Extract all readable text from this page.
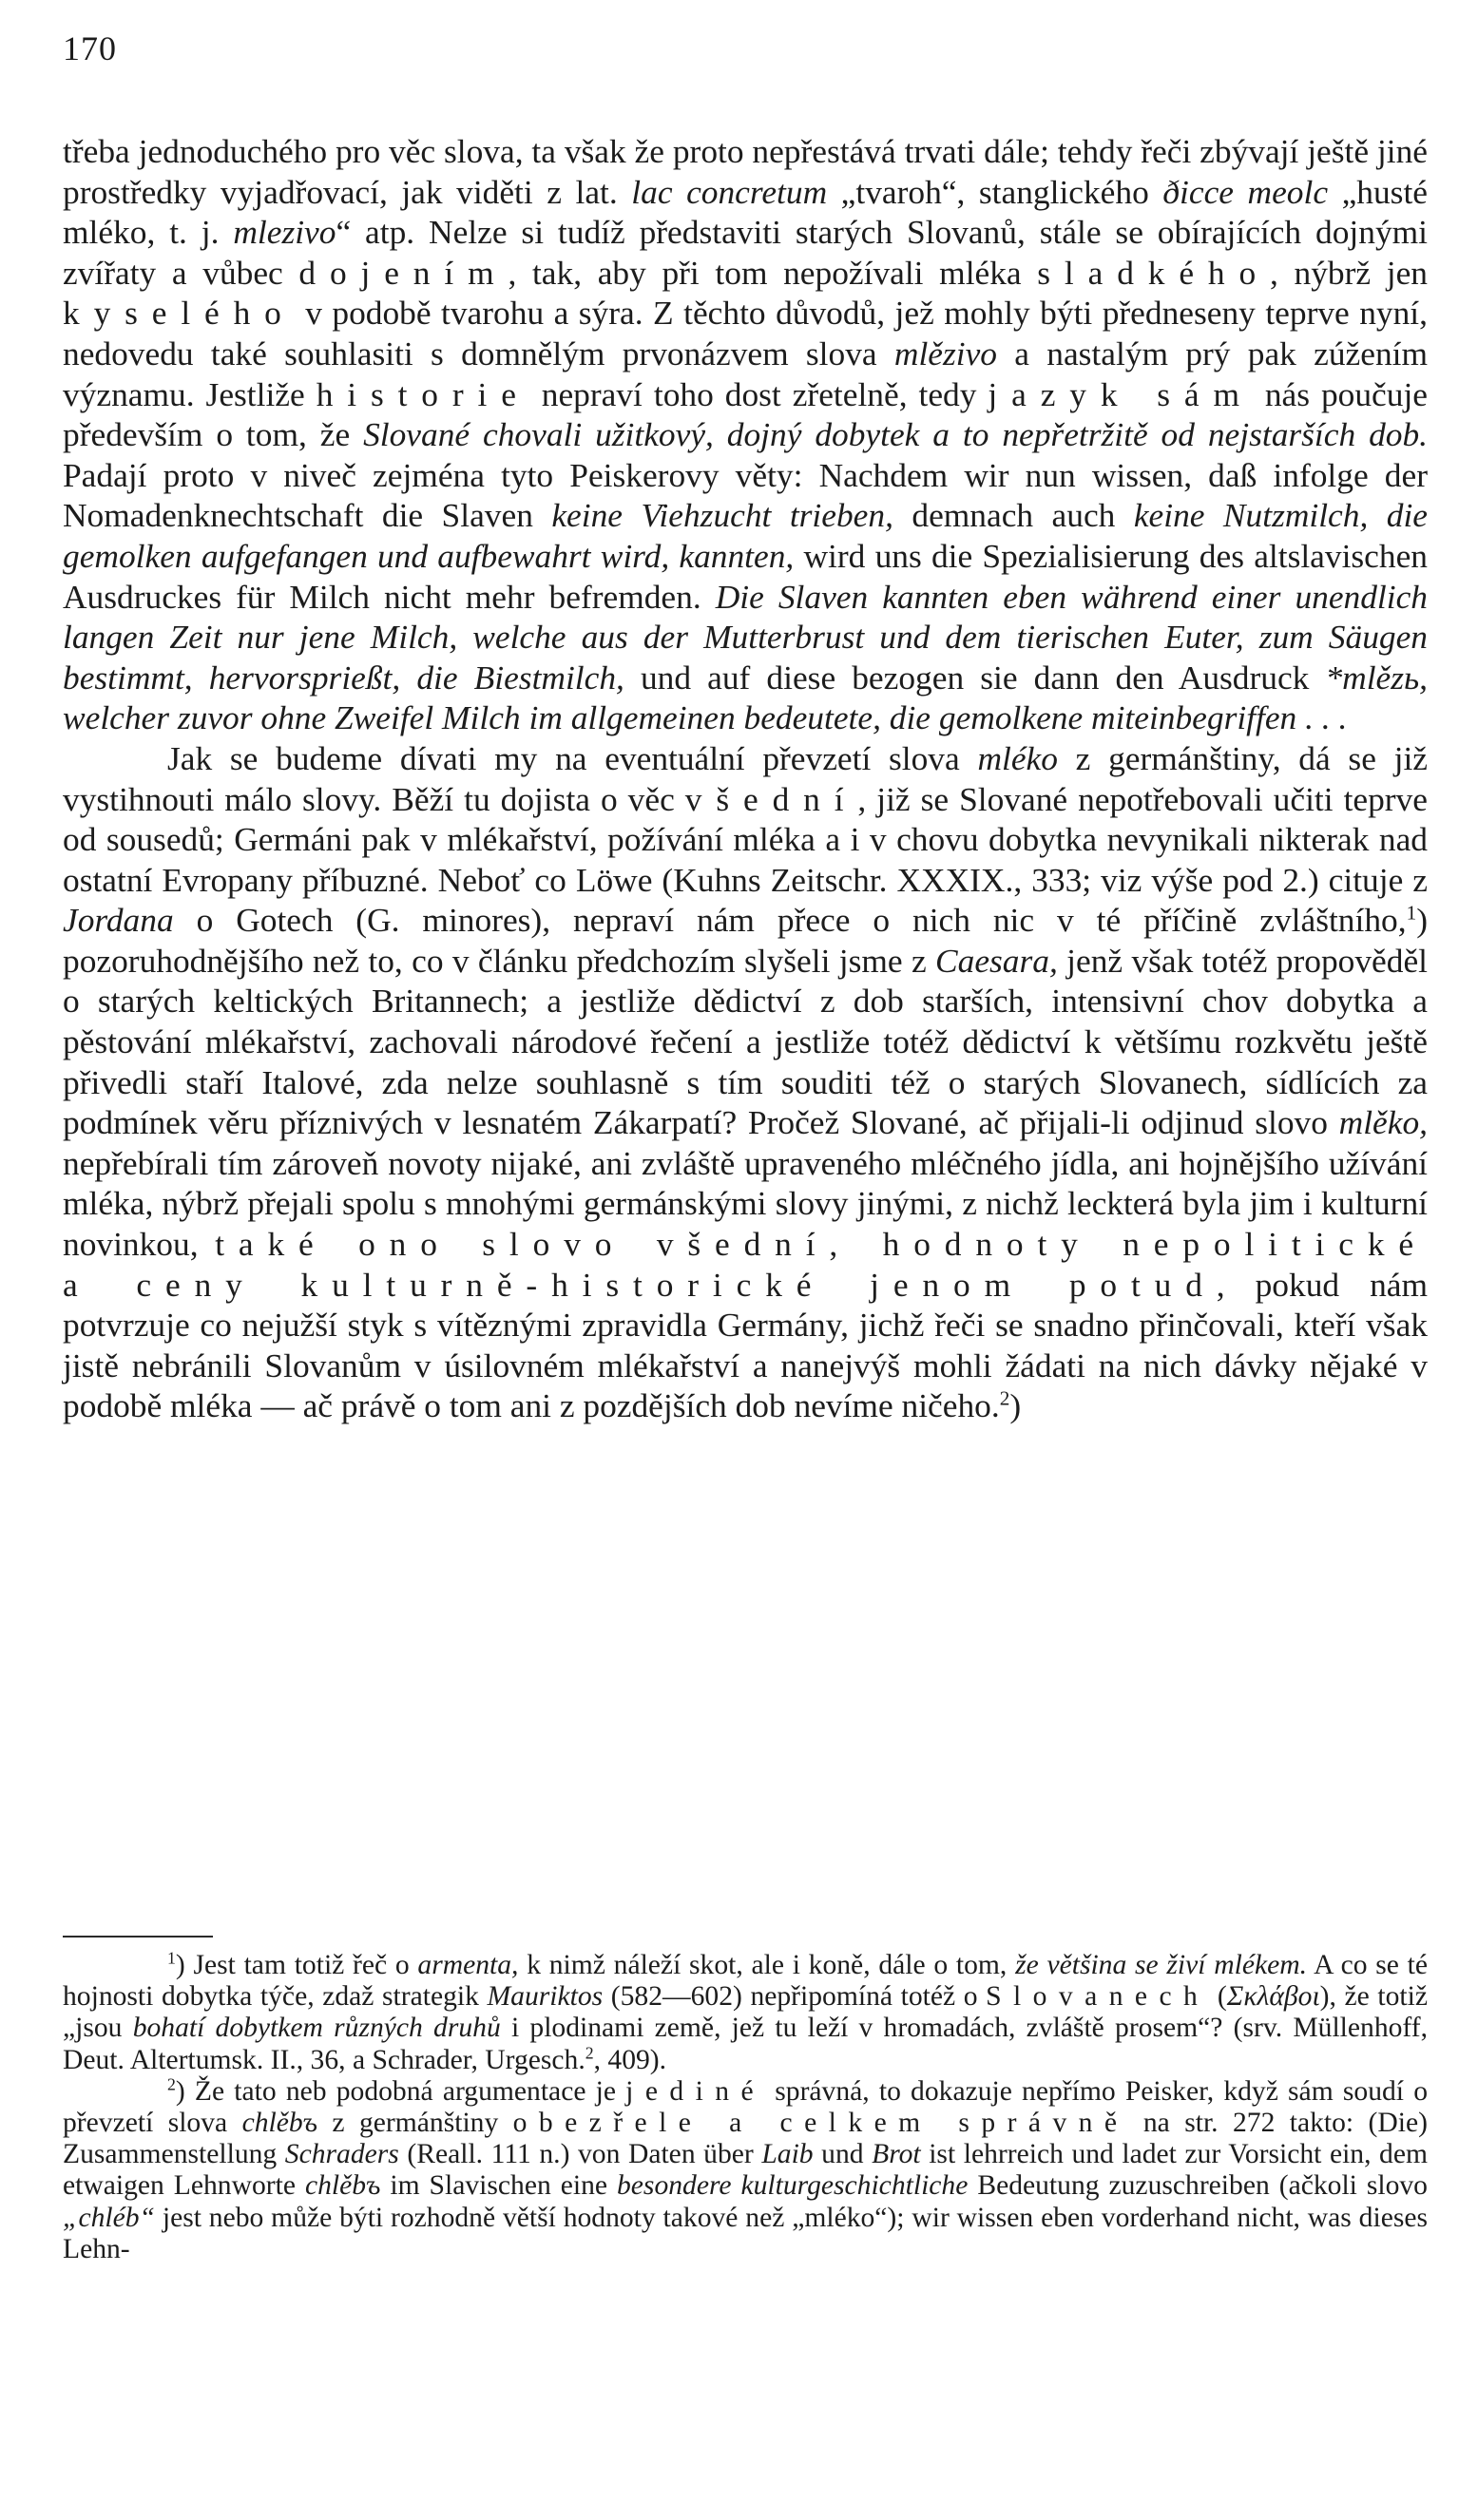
170

třeba jednoduchého pro věc slova, ta však že proto nepřestává trvati dále; tehdy řeči zbývají ještě jiné prostředky vyjadřovací, jak viděti z lat. lac concretum „tvaroh“, stanglického ðicce meolc „husté mléko, t. j. mlezivo“ atp. Nelze si tudíž představiti starých Slovanů, stále se obírajících dojnými zvířaty a vůbec dojením, tak, aby při tom nepožívali mléka sladkého, nýbrž jen kyselého v podobě tvarohu a sýra. Z těchto důvodů, jež mohly býti předneseny teprve nyní, nedovedu také souhlasiti s domnělým prvonázvem slova mlězivo a nastalým prý pak zúžením významu. Jestliže historie nepraví toho dost zřetelně, tedy jazyk sám nás poučuje především o tom, že Slované chovali užitkový, dojný dobytek a to nepřetržitě od nejstarších dob. Padají proto v niveč zejména tyto Peiskerovy věty: Nachdem wir nun wissen, daß infolge der Nomadenknechtschaft die Slaven keine Viehzucht trieben, demnach auch keine Nutzmilch, die gemolken aufgefangen und aufbewahrt wird, kannten, wird uns die Spezialisierung des altslavischen Ausdruckes für Milch nicht mehr befremden. Die Slaven kannten eben während einer unendlich langen Zeit nur jene Milch, welche aus der Mutterbrust und dem tierischen Euter, zum Säugen bestimmt, hervorsprießt, die Biestmilch, und auf diese bezogen sie dann den Ausdruck *mlězь, welcher zuvor ohne Zweifel Milch im allgemeinen bedeutete, die gemolkene miteinbegriffen . . .

Jak se budeme dívati my na eventuální převzetí slova mléko z germánštiny, dá se již vystihnouti málo slovy. Běží tu dojista o věc všední, již se Slované nepotřebovali učiti teprve od sousedů; Germáni pak v mlékařství, požívání mléka a i v chovu dobytka nevynikali nikterak nad ostatní Evropany příbuzné. Neboť co Löwe (Kuhns Zeitschr. XXXIX., 333; viz výše pod 2.) cituje z Jordana o Gotech (G. minores), nepraví nám přece o nich nic v té příčině zvláštního,$^1$) pozoruhodnějšího než to, co v článku předchozím slyšeli jsme z Caesara, jenž však totéž propověděl o starých keltických Britannech; a jestliže dědictví z dob starších, intensivní chov dobytka a pěstování mlékařství, zachovali národové řečení a jestliže totéž dědictví k většímu rozkvětu ještě přivedli staří Italové, zda nelze souhlasně s tím souditi též o starých Slovanech, sídlících za podmínek věru příznivých v lesnatém Zákarpatí? Pročež Slované, ač přijali-li odjinud slovo mlěko, nepřebírali tím zároveň novoty nijaké, ani zvláště upraveného mléčného jídla, ani hojnějšího užívání mléka, nýbrž přejali spolu s mnohými germánskými slovy jinými, z nichž leckterá byla jim i kulturní novinkou, také ono slovo všední, hodnoty nepolitické a ceny kulturně-historické jenom potud, pokud nám potvrzuje co nejužší styk s vítěznými zpravidla Germány, jichž řeči se snadno přinčovali, kteří však jistě nebránili Slovanům v úsilovném mlékařství a nanejvýš mohli žádati na nich dávky nějaké v podobě mléka — ač právě o tom ani z pozdějších dob nevíme ničeho.$^2$)

$^1$) Jest tam totiž řeč o armenta, k nimž náleží skot, ale i koně, dále o tom, že většina se živí mlékem. A co se té hojnosti dobytka týče, zdaž strategik Mauriktos (582—602) nepřipomíná totéž o Slovanech (Σκλάβοι), že totiž „jsou bohatí dobytkem různých druhů i plodinami země, jež tu leží v hromadách, zvláště prosem“? (srv. Müllenhoff, Deut. Altertumsk. II., 36, a Schrader, Urgesch.$^2$, 409).

$^2$) Že tato neb podobná argumentace je jediné správná, to dokazuje nepřímo Peisker, když sám soudí o převzetí slova chlěbъ z germánštiny obezřele a celkem správně na str. 272 takto: (Die) Zusammenstellung Schraders (Reall. 111 n.) von Daten über Laib und Brot ist lehrreich und ladet zur Vorsicht ein, dem etwaigen Lehnworte chlěbъ im Slavischen eine besondere kulturgeschichtliche Bedeutung zuzuschreiben (ačkoli slovo „chléb“ jest nebo může býti rozhodně větší hodnoty takové než „mléko“); wir wissen eben vorderhand nicht, was dieses Lehn-
